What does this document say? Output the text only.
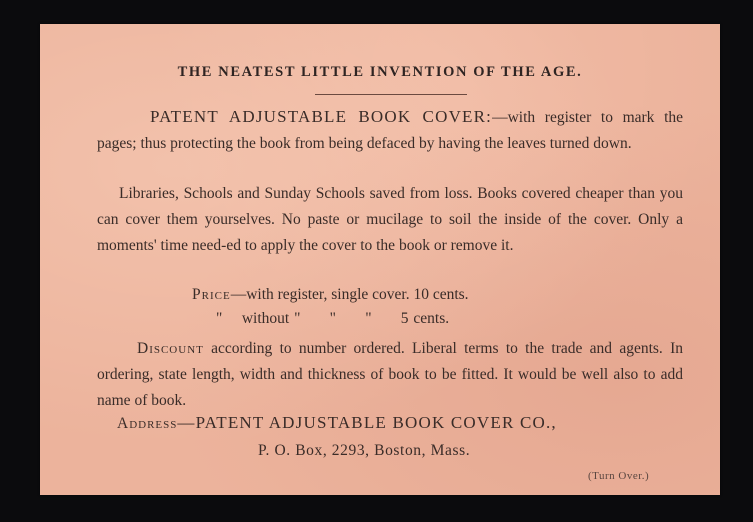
THE NEATEST LITTLE INVENTION OF THE AGE.
PATENT ADJUSTABLE BOOK COVER:—with register to mark the pages; thus protecting the book from being defaced by having the leaves turned down.
Libraries, Schools and Sunday Schools saved from loss. Books covered cheaper than you can cover them yourselves. No paste or mucilage to soil the inside of the cover. Only a moments' time need-ed to apply the cover to the book or remove it.
Price—with register, single cover. 10 cents.
"    without "      "      "      5 cents.
Discount according to number ordered. Liberal terms to the trade and agents. In ordering, state length, width and thickness of book to be fitted. It would be well also to add name of book.
Address—PATENT ADJUSTABLE BOOK COVER CO.,
P. O. Box, 2293, Boston, Mass.
(Turn Over.)
